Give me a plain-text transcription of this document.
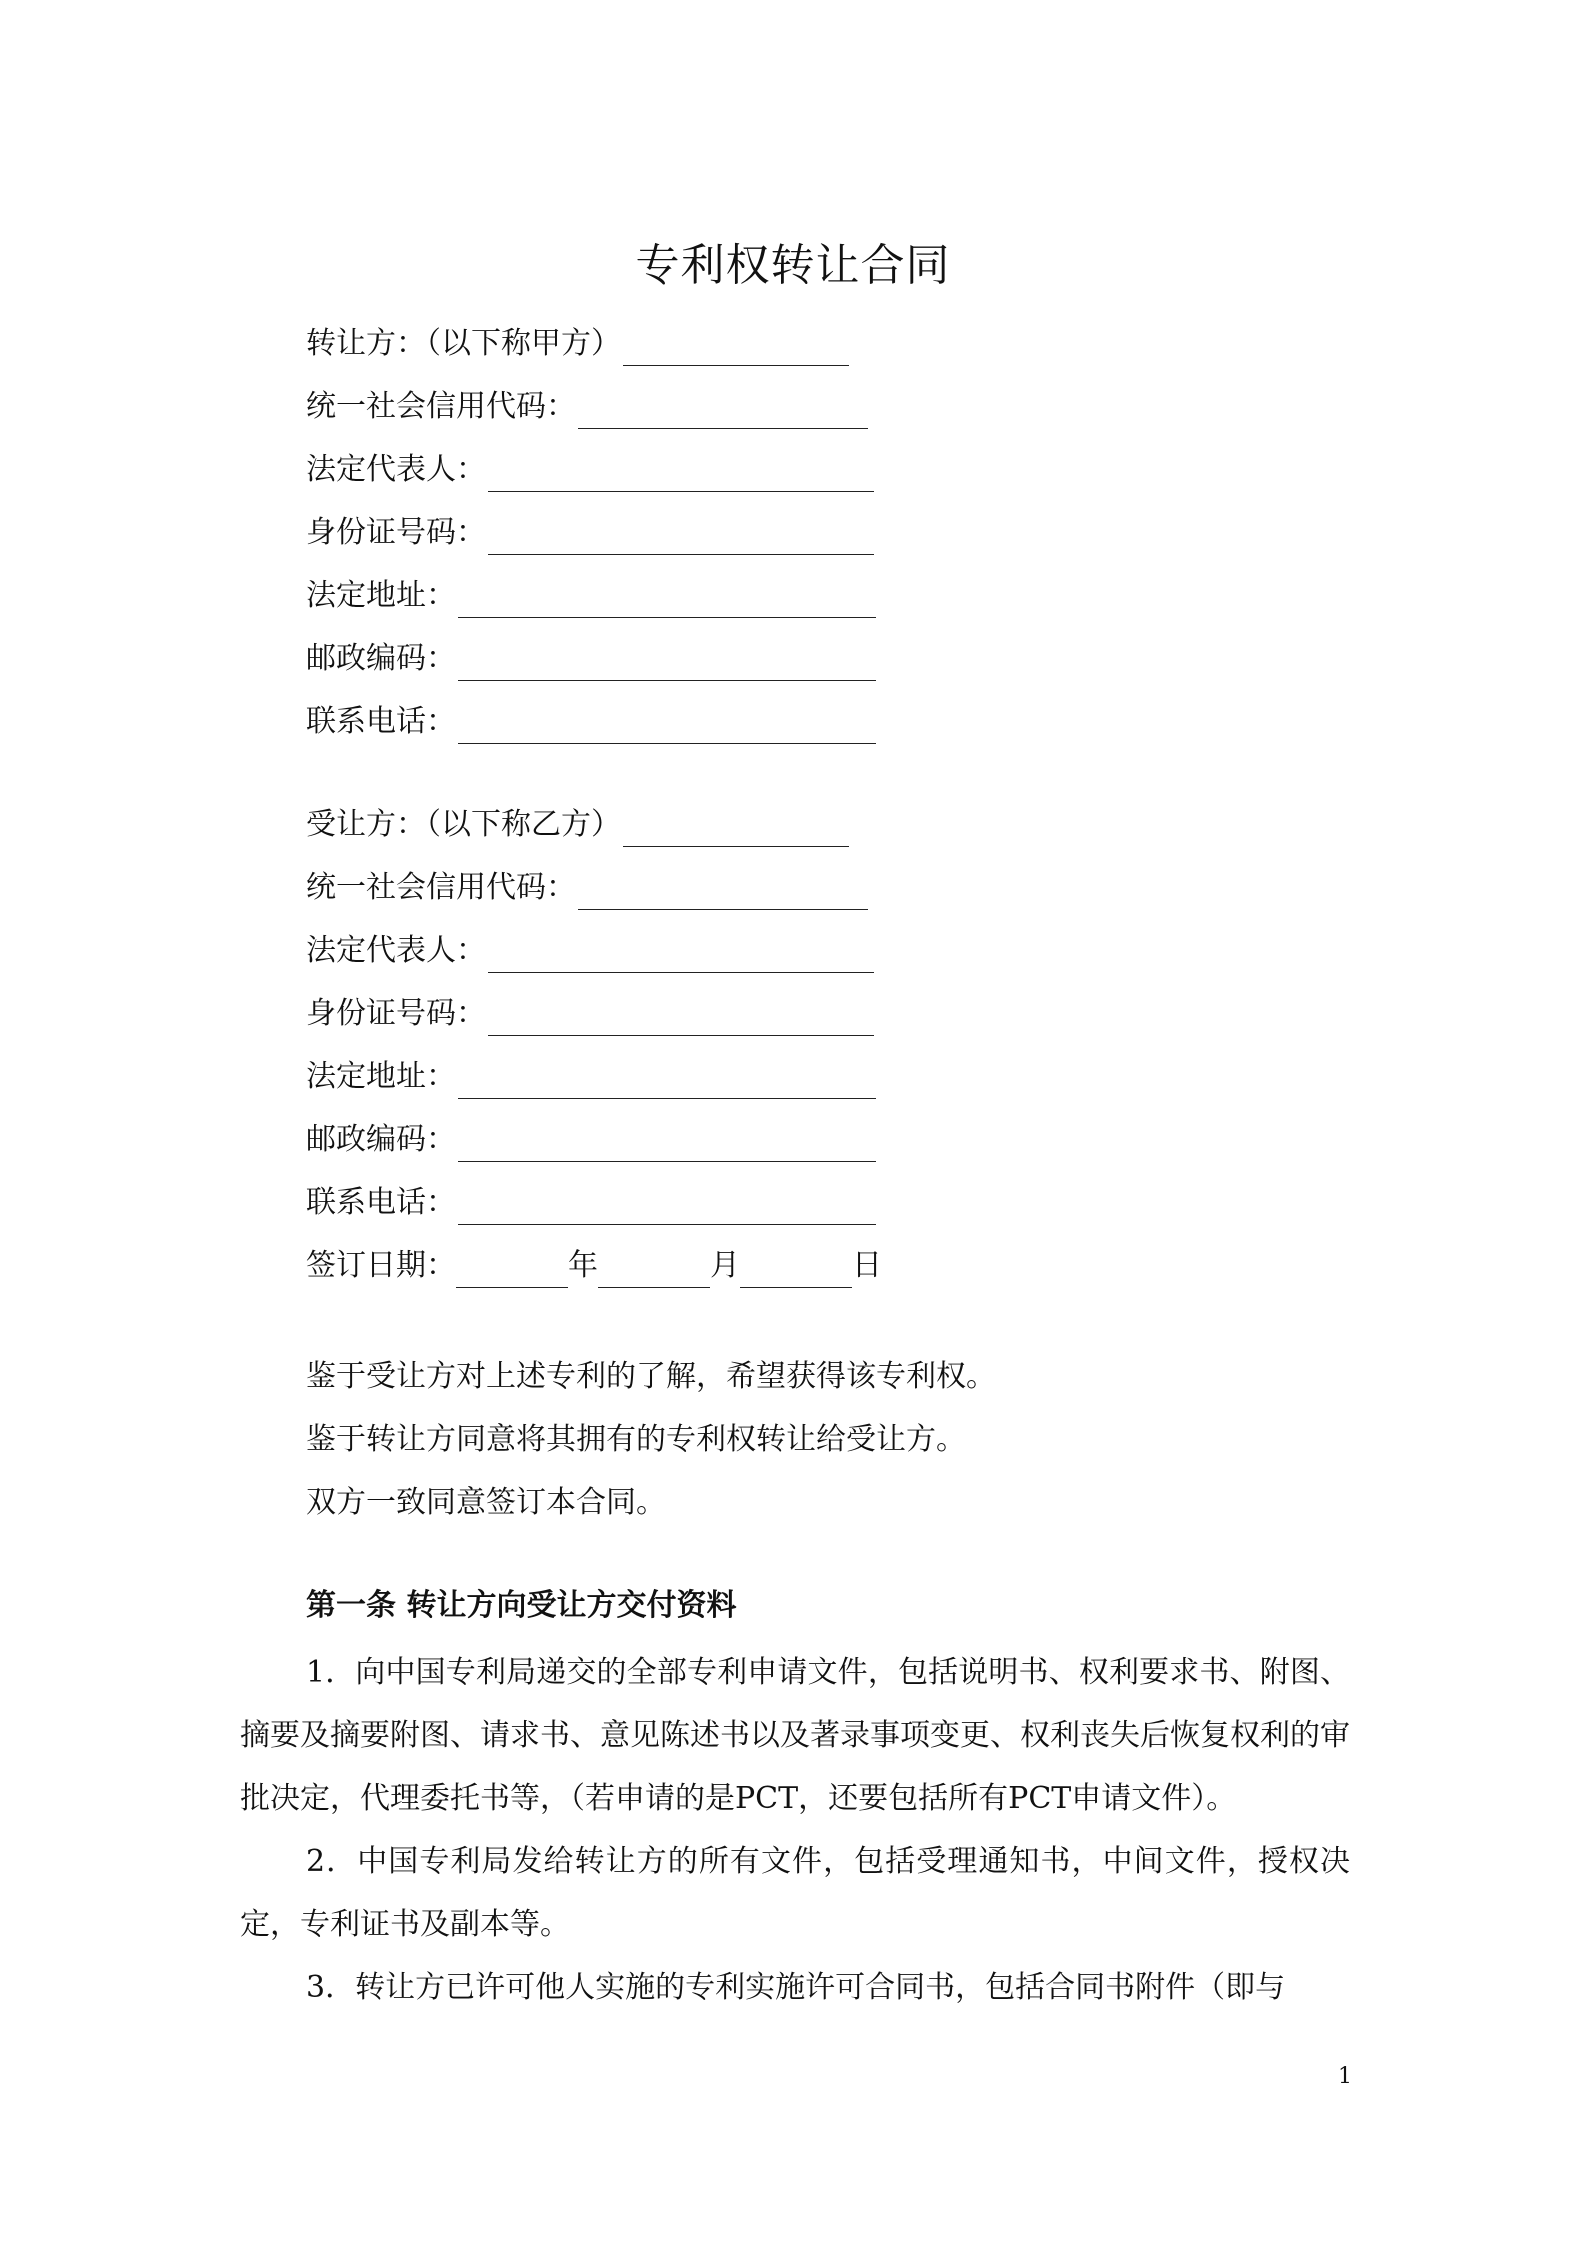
专利权转让合同
转让方：（以下称甲方）
统一社会信用代码：
法定代表人：
身份证号码：
法定地址：
邮政编码：
联系电话：
受让方：（以下称乙方）
统一社会信用代码：
法定代表人：
身份证号码：
法定地址：
邮政编码：
联系电话：
签订日期：	年	月	日
鉴于受让方对上述专利的了解，希望获得该专利权。
鉴于转让方同意将其拥有的专利权转让给受让方。
双方一致同意签订本合同。
第一条 转让方向受让方交付资料

1．向中国专利局递交的全部专利申请文件，包括说明书、权利要求书、附图、摘要及摘要附图、请求书、意见陈述书以及著录事项变更、权利丧失后恢复权利的审批决定，代理委托书等，（若申请的是PCT，还要包括所有PCT申请文件）。

2．中国专利局发给转让方的所有文件，包括受理通知书，中间文件，授权决定，专利证书及副本等。

3．转让方已许可他人实施的专利实施许可合同书，包括合同书附件（即与

1
